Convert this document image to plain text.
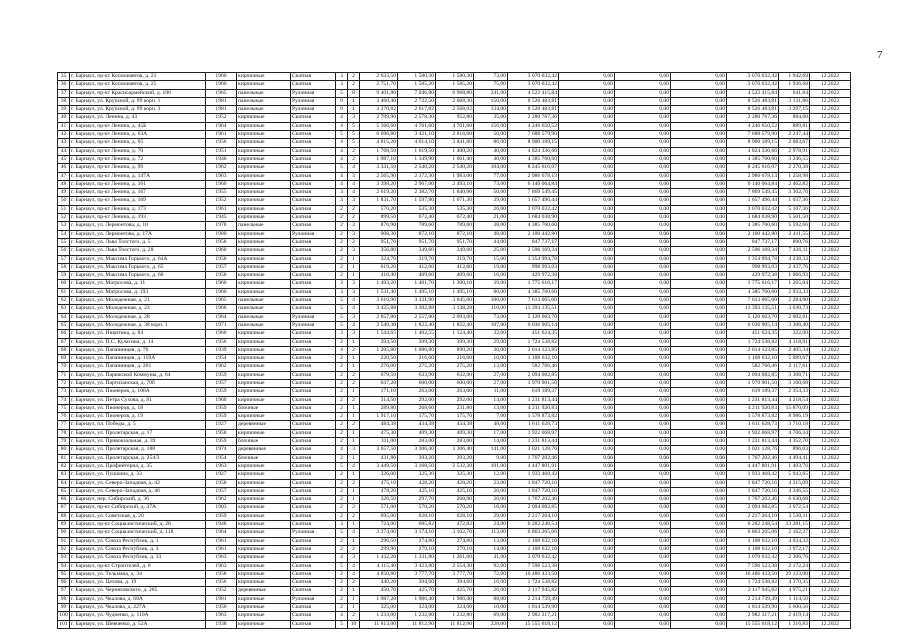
7
35	г. Барнаул, пр-кт Космонавтов, д. 21	1960	кирпичные	Скатная	3	2	2 633,50	1 580,30	1 580,30	73,00	3 070 032,42	0,00	0,00	0,00	3 070 032,42	1 942,69	12.2022
36	г. Барнаул, пр-кт Космонавтов, д. 25	1960	кирпичные	Скатная	3	2	2 751,70	1 585,20	1 585,20	75,00	3 070 032,42	0,00	0,00	0,00	3 070 032,42	1 936,68	12.2022
37	г. Барнаул, пр-кт Красноармейский, д. 106	1965	панельные	Рулонная	5	8	9 401,80	7 046,80	6 968,80	241,00	4 522 415,84	0,00	0,00	0,00	4 522 415,84	641,84	12.2022
38	г. Барнаул, ул. Крупской, д. 99 корп. 1	1981	панельные	Рулонная	9	1	3 460,40	2 722,50	2 668,30	150,00	8 526 483,81	0,00	0,00	0,00	8 526 483,81	3 131,86	12.2022
39	г. Барнаул, ул. Крупской, д. 99 корп. 3	1981	панельные	Рулонная	9	1	3 370,82	2 617,82	2 568,02	134,00	8 528 483,81	0,00	0,00	0,00	8 526 483,81	3 297,15	12.2022
40	г. Барнаул, ул. Ленина, д. 43	1952	кирпичные	Скатная	4	3	2 709,90	2 578,30	952,80	35,00	2 280 767,36	0,00	0,00	0,00	2 280 767,36	884,60	12.2022
41	г. Барнаул, пр-кт Ленина, д. 45Б	1964	кирпичные	Скатная	4	5	5 166,60	4 761,60	4 761,60	156,00	4 246 650,52	0,00	0,00	0,00	4 246 650,52	889,81	12.2022
42	г. Барнаул, пр-кт Ленина, д. 63А	1961	кирпичные	Скатная	5	5	6 696,80	3 421,10	2 816,60	50,00	7 688 579,90	0,00	0,00	0,00	7 688 579,90	2 247,44	12.2022
43	г. Барнаул, пр-кт Ленина, д. 65	1956	кирпичные	Скатная	4	5	4 815,20	4 614,10	3 841,80	86,00	8 900 189,15	0,00	0,00	0,00	8 900 189,15	2 083,67	12.2022
44	г. Барнаул, пр-кт Ленина, д. 70	1951	кирпичные	Скатная	4	2	1 768,50	1 619,50	1 400,20	40,00	4 824 336,66	0,00	0,00	0,00	4 824 336,66	2 978,91	12.2022
45	г. Барнаул, пр-кт Ленина, д. 72	1946	кирпичные	Скатная	4	2	1 987,10	1 349,90	1 061,40	40,00	4 385 760,60	0,00	0,00	0,00	4 385 760,60	3 246,55	12.2022
46	г. Барнаул, пр-кт Ленина, д. 99	1962	кирпичные	Скатная	5	4	3 331,50	2 540,20	2 540,20	104,00	8 245 616,07	0,00	0,00	0,00	8 245 616,07	2 270,38	12.2022
47	г. Барнаул, пр-кт Ленина, д. 147А	1963	кирпичные	Скатная	4	3	2 565,90	2 372,30	1 983,00	77,00	2 986 678,13	0,00	0,00	0,00	2 986 678,13	1 258,98	12.2022
48	г. Барнаул, пр-кт Ленина, д. 161	1960	кирпичные	Скатная	4	4	3 398,20	2 967,00	2 493,10	73,00	6 140 064,84	0,00	0,00	0,00	6 140 064,84	2 462,82	12.2022
49	г. Барнаул, пр-кт Ленина, д. 167	1955	кирпичные	Скатная	3	4	2 619,20	2 382,70	1 840,90	50,00	7 869 549,45	0,00	0,00	0,00	7 869 549,45	3 302,70	12.2022
50	г. Барнаул, пр-кт Ленина, д. 169	1952	кирпичные	Скатная	3	3	1 831,70	1 597,80	1 071,30	39,00	1 657 496,44	0,00	0,00	0,00	1 657 496,44	1 037,36	12.2022
51	г. Барнаул, пр-кт Ленина, д. 173	1961	кирпичные	Скатная	2	2	570,20	535,30	535,30	26,00	3 070 032,42	0,00	0,00	0,00	3 070 032,42	5 107,36	12.2022
52	г. Барнаул, пр-кт Ленина, д. 193	1945	кирпичные	Скатная	2	2	899,50	672,40	672,40	21,00	3 684 038,90	0,00	0,00	0,00	3 684 038,90	5 501,50	12.2022
53	г. Барнаул, ул. Лермонтова, д. 10	1978	панельные	Скатная	2	3	876,90	789,60	789,60	38,00	4 385 760,60	0,00	0,00	0,00	4 385 760,60	5 592,66	12.2022
54	г. Барнаул, ул. Лермонтова, д. 17А	1980	кирпичные	Рулонная	2	3	908,30	872,10	872,10	48,00	2 100 442,80	0,00	0,00	0,00	2 100 442,80	2 411,55	12.2022
55	г. Барнаул, ул. Льва Толстого, д. 5	1958	кирпичные	Скатная	2	2	951,70	951,70	951,70	44,00	847 737,17	0,00	0,00	0,00	847 737,17	890,76	12.2022
56	г. Барнаул, ул. Льва Толстого, д. 28	1960	кирпичные	Скатная	2	3	356,80	349,60	349,60	25,00	2 596 169,34	0,00	0,00	0,00	2 596 169,34	7 426,11	12.2022
57	г. Барнаул, ул. Максима Горького, д. 64А	1958	кирпичные	Скатная	2	1	324,70	319,70	319,70	15,00	1 354 994,78	0,00	0,00	0,00	1 354 994,78	4 238,33	12.2022
58	г. Барнаул, ул. Максима Горького, д. 65	1957	кирпичные	Скатная	2	1	619,20	412,60	412,60	19,00	998 993,03	0,00	0,00	0,00	998 993,03	2 437,76	12.2022
59	г. Барнаул, ул. Максима Горького, д. 66	1958	кирпичные	Скатная	2	1	416,40	409,60	409,60	16,00	429 972,38	0,00	0,00	0,00	429 972,38	1 066,93	12.2022
60	г. Барнаул, ул. Матросова, д. 11	1960	кирпичные	Скатная	3	3	1 493,20	1 401,70	1 300,10	39,00	1 775 616,17	0,00	0,00	0,00	1 775 616,17	1 265,04	12.2022
61	г. Барнаул, ул. Матросова, д. 193	1960	кирпичные	Скатная	3	3	1 531,40	1 495,10	1 495,10	80,00	4 385 760,60	0,00	0,00	0,00	4 385 760,60	2 933,33	12.2022
62	г. Барнаул, ул. Молодежная, д. 21	1965	панельные	Скатная	5	4	3 616,90	3 331,90	3 045,60	100,00	7 613 065,00	0,00	0,00	0,00	7 613 065,00	2 284,90	12.2022
63	г. Барнаул, ул. Молодежная, д. 23	1966	панельные	Скатная	5	4	3 425,88	3 302,88	3 138,28	110,00	11 393 135,51	0,00	0,00	0,00	11 393 135,51	3 630,73	12.2022
64	г. Барнаул, ул. Молодежная, д. 28	1964	панельные	Рулонная	5	3	2 857,80	2 557,00	2 093,00	73,00	5 120 663,70	0,00	0,00	0,00	5 120 663,70	2 002,61	12.2022
65	г. Барнаул, ул. Молодежная, д. 38 корп. 1	1971	панельные	Рулонная	5	4	3 540,30	1 822,40	1 822,40	107,00	6 036 905,14	0,00	0,00	0,00	6 036 905,14	3 308,40	12.2022
66	г. Барнаул, ул. Никитина, д. 84	1960	кирпичные	Скатная	3	3	1 544,65	1 402,55	1 124,40	32,00	451 624,35	0,00	0,00	0,00	451 624,35	322,00	12.2022
67	г. Барнаул, ул. П.С. Кулагина, д. 14	1956	кирпичные	Скатная	2	1	394,50	399,30	399,30	29,00	1 724 538,82	0,00	0,00	0,00	1 724 538,82	4 318,91	12.2022
68	г. Барнаул, ул. Папанинцев, д. 76	1939	кирпичные	Скатная	4	2	1 205,80	1 086,80	890,20	30,00	2 614 123,85	0,00	0,00	0,00	2 614 123,85	2 405,34	12.2022
69	г. Барнаул, ул. Папанинцев, д. 159А	1954	кирпичные	Скатная	2	1	220,50	216,60	216,60	10,00	1 108 632,10	0,00	0,00	0,00	1 108 632,10	5 089,67	12.2022
70	г. Барнаул, ул. Папанинцев, д. 201	1962	кирпичные	Скатная	2	1	276,00	275,20	275,20	13,00	582 766,46	0,00	0,00	0,00	582 766,46	2 117,61	12.2022
71	г. Барнаул, ул. Парижской Коммуны, д. 64	1959	кирпичные	Скатная	2	2	679,50	633,90	632,90	27,00	2 094 082,85	0,00	0,00	0,00	2 094 082,85	3 308,71	12.2022
72	г. Барнаул, ул. Партизанская, д. 70б	1957	кирпичные	Скатная	2	2	637,20	600,00	600,00	27,00	1 970 901,50	0,00	0,00	0,00	1 970 901,50	3 100,68	12.2022
73	г. Барнаул, ул. Пионеров, д. 106А	1959	кирпичные	Скатная	2	1	171,10	263,00	263,00	11,00	619 189,37	0,00	0,00	0,00	619 189,37	2 354,33	12.2022
74	г. Барнаул, ул. Петра Сухова, д. 81	1960	кирпичные	Скатная	2	2	314,50	292,00	292,00	14,00	1 231 813,44	0,00	0,00	0,00	1 231 813,44	4 218,54	12.2022
75	г. Барнаул, ул. Пионеров, д. 18	1959	блочные	Скатная	2	1	289,80	268,60	231,80	13,00	4 211 920,83	0,00	0,00	0,00	4 211 920,83	15 870,09	12.2022
76	г. Барнаул, ул. Пионеров, д. 19	1959	кирпичные	Скатная	2	1	1 917,10	175,70	175,70	7,00	1 578 873,82	0,00	0,00	0,00	1 578 873,82	8 986,19	12.2022
77	г. Барнаул, пл. Победы, д. 5	1927	деревянные	Скатная	2	2	484,38	434,38	434,38	48,00	1 611 628,73	0,00	0,00	0,00	1 611 628,73	3 710,18	12.2022
78	г. Барнаул, ул. Пролетарская, д. 17	1958	кирпичные	Скатная	2	1	475,30	409,30	409,30	17,00	1 922 068,97	0,00	0,00	0,00	1 922 068,97	4 706,34	12.2022
79	г. Барнаул, ул. Привокзальная, д. 39	1959	блочные	Скатная	2	1	311,00	283,00	283,00	14,00	1 231 813,44	0,00	0,00	0,00	1 231 813,44	4 352,70	12.2022
80	г. Барнаул, ул. Пролетарская, д. 188	1974	деревянные	Скатная	4	3	3 657,50	3 306,40	3 306,40	141,00	3 021 128,76	0,00	0,00	0,00	3 021 128,76	896,03	12.2022
81	г. Барнаул, ул. Пролетарская, д. 254/3	1954	блочные	Скатная	2	1	431,80	393,20	393,20	9,00	1 767 202,46	0,00	0,00	0,00	1 767 202,46	4 494,41	12.2022
82	г. Барнаул, ул. Профинтерна, д. 35	1963	кирпичные	Скатная	5	4	3 449,50	3 168,50	2 532,20	101,00	4 447 801,91	0,00	0,00	0,00	4 447 801,91	1 403,76	12.2022
83	г. Барнаул, ул. Пушкина, д. 33	1927	кирпичные	Скатная	2	1	326,00	325,30	325,30	12,00	1 933 468,42	0,00	0,00	0,00	1 933 468,42	5 943,65	12.2022
84	г. Барнаул, ул. Северо-Западная, д. 42	1958	кирпичные	Скатная	2	2	475,10	428,20	428,20	23,00	1 847 720,16	0,00	0,00	0,00	1 847 720,16	4 315,09	12.2022
85	г. Барнаул, ул. Северо-Западная, д. 46	1957	кирпичные	Скатная	2	1	478,20	425,10	425,10	20,00	1 847 720,16	0,00	0,00	0,00	1 847 720,16	4 346,55	12.2022
86	г. Барнаул, пер. Сибирский, д. 36	1962	кирпичные	Скатная	2	1	326,50	297,70	268,90	20,00	1 767 202,46	0,00	0,00	0,00	1 767 202,46	6 630,68	12.2022
87	г. Барнаул, пр-кт Сибирский, д. 37А	1903	кирпичные	Скатная	2	2	571,00	570,20	570,20	16,00	2 094 082,85	0,00	0,00	0,00	2 094 082,85	3 672,54	12.2022
88	г. Барнаул, ул. Советская, д. 20	1959	кирпичные	Скатная	2	2	695,00	628,10	628,10	29,00	2 217 264,10	0,00	0,00	0,00	2 217 264,10	3 530,11	12.2022
89	г. Барнаул, пр-кт Социалистический, д. 28	1948	кирпичные	Скатная	3	1	724,00	685,82	472,82	24,00	6 282 248,54	0,00	0,00	0,00	6 282 248,54	13 281,15	12.2022
90	г. Барнаул, пр-кт Социалистический, д. 118	1964	кирпичные	Рулонная	5	4	3 274,00	3 174,10	3 102,70	113,00	6 863 265,06	0,00	0,00	0,00	6 863 265,06	2 162,27	12.2022
91	г. Барнаул, ул. Союза Республик, д. 1	1961	кирпичные	Скатная	2	1	296,50	274,80	274,80	13,00	1 108 632,10	0,00	0,00	0,00	1 108 632,10	4 034,32	12.2022
92	г. Барнаул, ул. Союза Республик, д. 3	1961	кирпичные	Скатная	2	2	299,90	279,10	279,10	14,00	1 108 632,10	0,00	0,00	0,00	1 108 632,10	3 972,17	12.2022
93	г. Барнаул, ул. Союза Республик, д. 33	1963	кирпичные	Скатная	4	3	1 432,20	1 331,80	1 261,00	41,00	3 070 032,42	0,00	0,00	0,00	3 070 032,42	2 306,76	12.2022
94	г. Барнаул, пр-кт Строителей, д. 8	1963	кирпичные	Скатная	5	4	4 115,40	3 423,80	2 554,30	92,00	7 596 523,38	0,00	0,00	0,00	7 596 523,38	2 172,24	12.2022
95	г. Барнаул, ул. Тельмана, д. 34	1958	кирпичные	Скатная	2	4	4 850,80	3 777,70	3 777,70	72,00	16 486 433,50	0,00	0,00	0,00	16 486 433,50	29 123,00	12.2022
96	г. Барнаул, ул. Цехова, д. 19	1956	кирпичные	Скатная	2	2	440,20	394,60	394,60	16,00	1 724 538,82	0,00	0,00	0,00	1 724 538,82	4 370,35	12.2022
97	г. Барнаул, ул. Черняховского, д. 285	1952	деревянные	Скатная	2	1	450,70	425,70	425,70	26,00	2 117 945,82	0,00	0,00	0,00	2 117 945,82	4 975,21	12.2022
98	г. Барнаул, ул. Чкалова, д. 68А	1981	кирпичные	Рулонная	2	1	1 987,20	1 986,40	1 986,40	88,00	2 214 739,49	0,00	0,00	0,00	2 214 739,49	1 114,50	12.2022
99	г. Барнаул, ул. Чкалова, д. 227А	1950	кирпичные	Скатная	2	1	325,00	324,00	324,00	10,00	1 814 539,90	0,00	0,00	0,00	1 814 539,90	5 600,56	12.2022
100	г. Барнаул, ул. Чудненко, д. 110А	1963	кирпичные	Скатная	4	2	1 233,00	1 232,80	1 232,80	69,00	2 982 317,21	0,00	0,00	0,00	2 982 317,21	2 419,14	12.2022
101	г. Барнаул, ул. Шевченко, д. 52А	1938	кирпичные	Скатная	5	10	11 813,00	11 812,90	11 812,90	228,00	15 555 618,12	0,00	0,00	0,00	15 555 618,12	1 316,83	12.2022
